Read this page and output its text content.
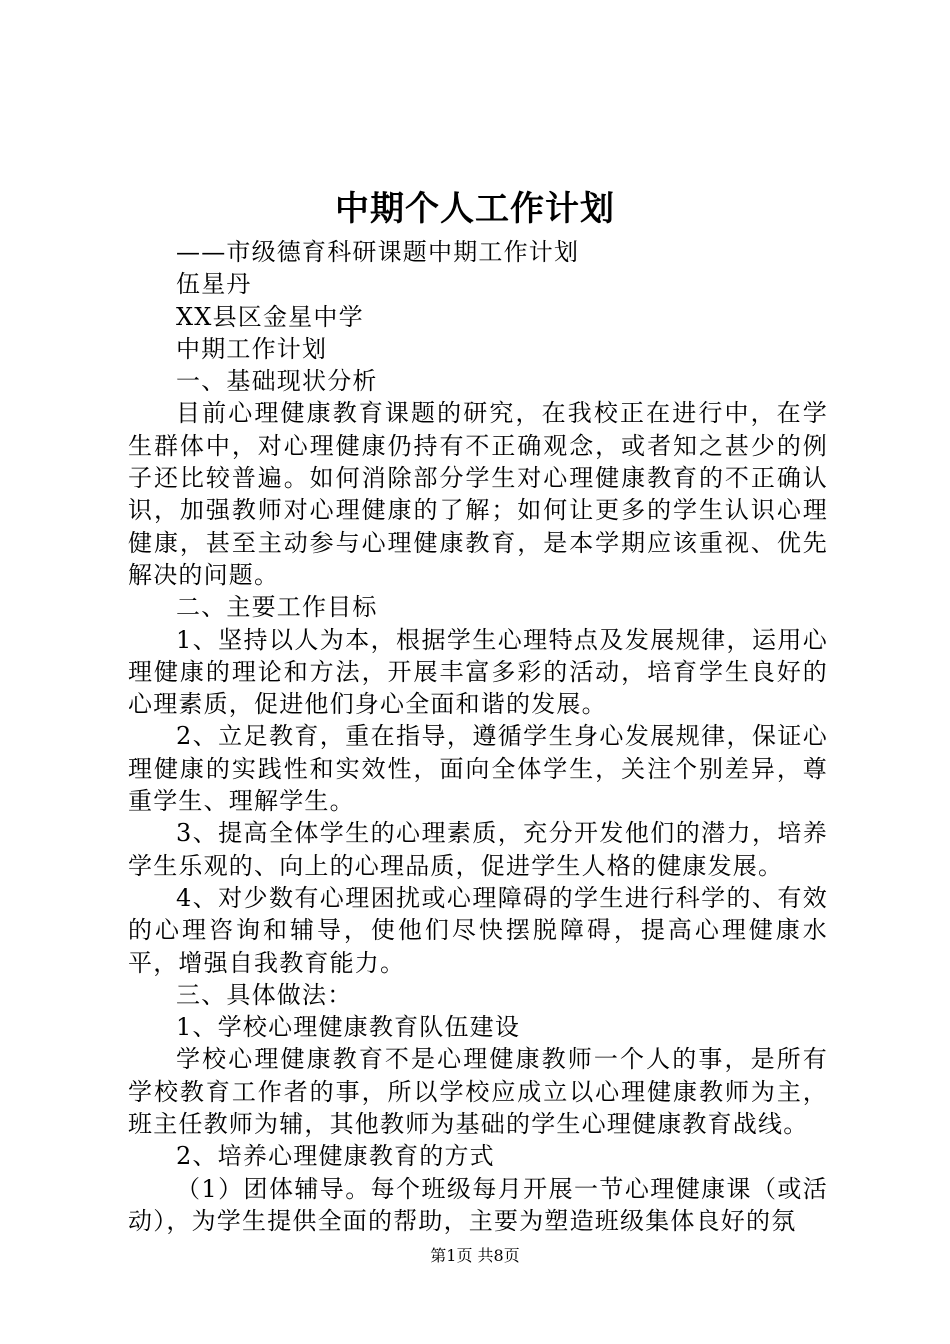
中期个人工作计划

——市级德育科研课题中期工作计划

伍星丹

XX县区金星中学

中期工作计划

一、基础现状分析

目前心理健康教育课题的研究，在我校正在进行中，在学生群体中，对心理健康仍持有不正确观念，或者知之甚少的例子还比较普遍。如何消除部分学生对心理健康教育的不正确认识，加强教师对心理健康的了解；如何让更多的学生认识心理健康，甚至主动参与心理健康教育，是本学期应该重视、优先解决的问题。

二、主要工作目标

1、坚持以人为本，根据学生心理特点及发展规律，运用心理健康的理论和方法，开展丰富多彩的活动，培育学生良好的心理素质，促进他们身心全面和谐的发展。

2、立足教育，重在指导，遵循学生身心发展规律，保证心理健康的实践性和实效性，面向全体学生，关注个别差异，尊重学生、理解学生。

3、提高全体学生的心理素质，充分开发他们的潜力，培养学生乐观的、向上的心理品质，促进学生人格的健康发展。

4、对少数有心理困扰或心理障碍的学生进行科学的、有效的心理咨询和辅导，使他们尽快摆脱障碍，提高心理健康水平，增强自我教育能力。

三、具体做法：

1、学校心理健康教育队伍建设

学校心理健康教育不是心理健康教师一个人的事，是所有学校教育工作者的事，所以学校应成立以心理健康教师为主，班主任教师为辅，其他教师为基础的学生心理健康教育战线。

2、培养心理健康教育的方式

（1）团体辅导。每个班级每月开展一节心理健康课（或活动），为学生提供全面的帮助，主要为塑造班级集体良好的氛

第1页 共8页
